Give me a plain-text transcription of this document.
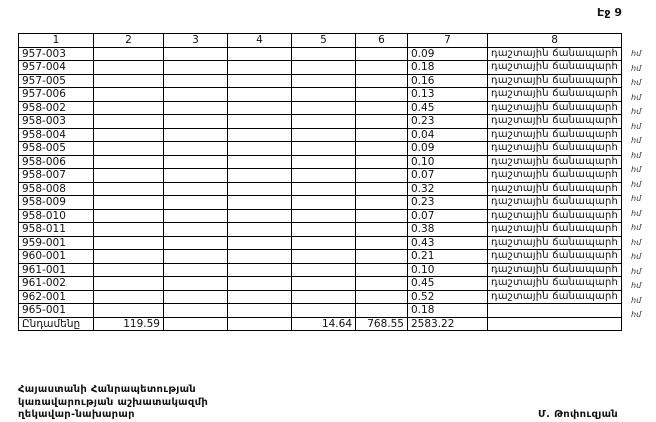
Էջ 9
1	2	3	4	5	6	7	8
957-003						0.09	դաշտային ճանապարհ
957-004						0.18	դաշտային ճանապարհ
957-005						0.16	դաշտային ճանապարհ
957-006						0.13	դաշտային ճանապարհ
958-002						0.45	դաշտային ճանապարհ
958-003						0.23	դաշտային ճանապարհ
958-004						0.04	դաշտային ճանապարհ
958-005						0.09	դաշտային ճանապարհ
958-006						0.10	դաշտային ճանապարհ
958-007						0.07	դաշտային ճանապարհ
958-008						0.32	դաշտային ճանապարհ
958-009						0.23	դաշտային ճանապարհ
958-010						0.07	դաշտային ճանապարհ
958-011						0.38	դաշտային ճանապարհ
959-001						0.43	դաշտային ճանապարհ
960-001						0.21	դաշտային ճանապարհ
961-001						0.10	դաշտային ճանապարհ
961-002						0.45	դաշտային ճանապարհ
962-001						0.52	դաշտային ճանապարհ
965-001						0.18	
Ընդամենը	119.59			14.64	768.55	2583.22	
հմ
հմ
հմ
հմ
հմ
հմ
հմ
հմ
հմ
հմ
հմ
հմ
հմ
հմ
հմ
հմ
հմ
հմ
հմ
Հայաստանի Հանրապետության
կառավարության աշխատակազմի
ղեկավար-նախարար	Մ. Թոփուզյան
